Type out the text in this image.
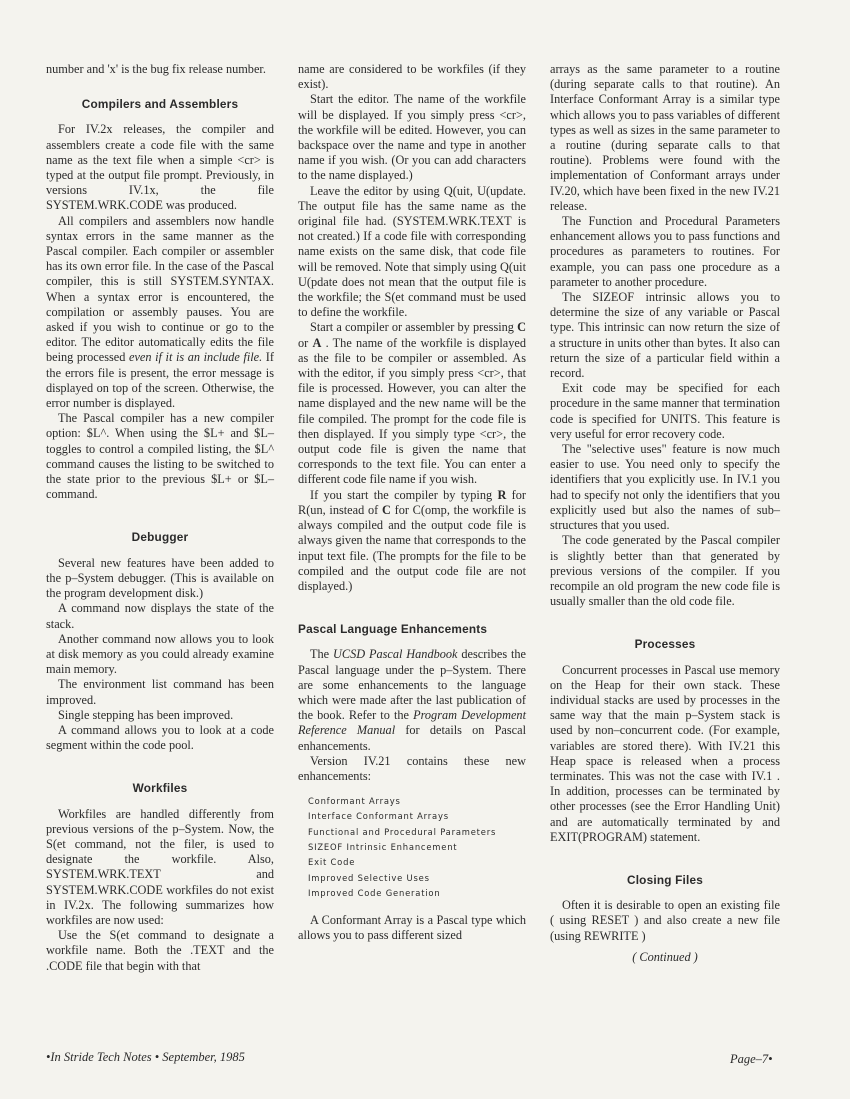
number and 'x' is the bug fix release number.

Compilers and Assemblers

For IV.2x releases, the compiler and assemblers create a code file with the same name as the text file when a simple <cr> is typed at the output file prompt. Previously, in versions IV.1x, the file SYSTEM.WRK.CODE was produced.

All compilers and assemblers now handle syntax errors in the same manner as the Pascal compiler. Each compiler or assembler has its own error file. In the case of the Pascal compiler, this is still SYSTEM.SYNTAX. When a syntax error is encountered, the compilation or assembly pauses. You are asked if you wish to continue or go to the editor. The editor automatically edits the file being processed even if it is an include file. If the errors file is present, the error message is displayed on top of the screen. Otherwise, the error number is displayed.

The Pascal compiler has a new compiler option: $L^. When using the $L+ and $L– toggles to control a compiled listing, the $L^ command causes the listing to be switched to the state prior to the previous $L+ or $L– command.

Debugger

Several new features have been added to the p–System debugger. (This is available on the program development disk.)

A command now displays the state of the stack.

Another command now allows you to look at disk memory as you could already examine main memory.

The environment list command has been improved.

Single stepping has been improved.

A command allows you to look at a code segment within the code pool.

Workfiles

Workfiles are handled differently from previous versions of the p–System. Now, the S(et command, not the filer, is used to designate the workfile. Also, SYSTEM.WRK.TEXT and SYSTEM.WRK.CODE workfiles do not exist in IV.2x. The following summarizes how workfiles are now used:

Use the S(et command to designate a workfile name. Both the .TEXT and the .CODE file that begin with that

name are considered to be workfiles (if they exist).

Start the editor. The name of the workfile will be displayed. If you simply press <cr>, the workfile will be edited. However, you can backspace over the name and type in another name if you wish. (Or you can add characters to the name displayed.)

Leave the editor by using Q(uit, U(update. The output file has the same name as the original file had. (SYSTEM.WRK.TEXT is not created.) If a code file with corresponding name exists on the same disk, that code file will be removed. Note that simply using Q(uit U(pdate does not mean that the output file is the workfile; the S(et command must be used to define the workfile.

Start a compiler or assembler by pressing C or A . The name of the workfile is displayed as the file to be compiler or assembled. As with the editor, if you simply press <cr>, that file is processed. However, you can alter the name displayed and the new name will be the file compiled. The prompt for the code file is then displayed. If you simply type <cr>, the output code file is given the name that corresponds to the text file. You can enter a different code file name if you wish.

If you start the compiler by typing R for R(un, instead of C for C(omp, the workfile is always compiled and the output code file is always given the name that corresponds to the input text file. (The prompts for the file to be compiled and the output code file are not displayed.)

Pascal Language Enhancements

The UCSD Pascal Handbook describes the Pascal language under the p–System. There are some enhancements to the language which were made after the last publication of the book. Refer to the Program Development Reference Manual for details on Pascal enhancements.

Version IV.21 contains these new enhancements:

Conformant Arrays
Interface Conformant Arrays
Functional and Procedural Parameters
SIZEOF Intrinsic Enhancement
Exit Code
Improved Selective Uses
Improved Code Generation

A Conformant Array is a Pascal type which allows you to pass different sized

arrays as the same parameter to a routine (during separate calls to that routine). An Interface Conformant Array is a similar type which allows you to pass variables of different types as well as sizes in the same parameter to a routine (during separate calls to that routine). Problems were found with the implementation of Conformant arrays under IV.20, which have been fixed in the new IV.21 release.

The Function and Procedural Parameters enhancement allows you to pass functions and procedures as parameters to routines. For example, you can pass one procedure as a parameter to another procedure.

The SIZEOF intrinsic allows you to determine the size of any variable or Pascal type. This intrinsic can now return the size of a structure in units other than bytes. It also can return the size of a particular field within a record.

Exit code may be specified for each procedure in the same manner that termination code is specified for UNITS. This feature is very useful for error recovery code.

The "selective uses" feature is now much easier to use. You need only to specify the identifiers that you explicitly use. In IV.1 you had to specify not only the identifiers that you explicitly used but also the names of sub–structures that you used.

The code generated by the Pascal compiler is slightly better than that generated by previous versions of the compiler. If you recompile an old program the new code file is usually smaller than the old code file.

Processes

Concurrent processes in Pascal use memory on the Heap for their own stack. These individual stacks are used by processes in the same way that the main p–System stack is used by non–concurrent code. (For example, variables are stored there). With IV.21 this Heap space is released when a process terminates. This was not the case with IV.1 . In addition, processes can be terminated by other processes (see the Error Handling Unit) and are automatically terminated by and EXIT(PROGRAM) statement.

Closing Files

Often it is desirable to open an existing file ( using RESET ) and also create a new file (using REWRITE )

( Continued )
•In Stride Tech Notes • September, 1985	Page–7•
